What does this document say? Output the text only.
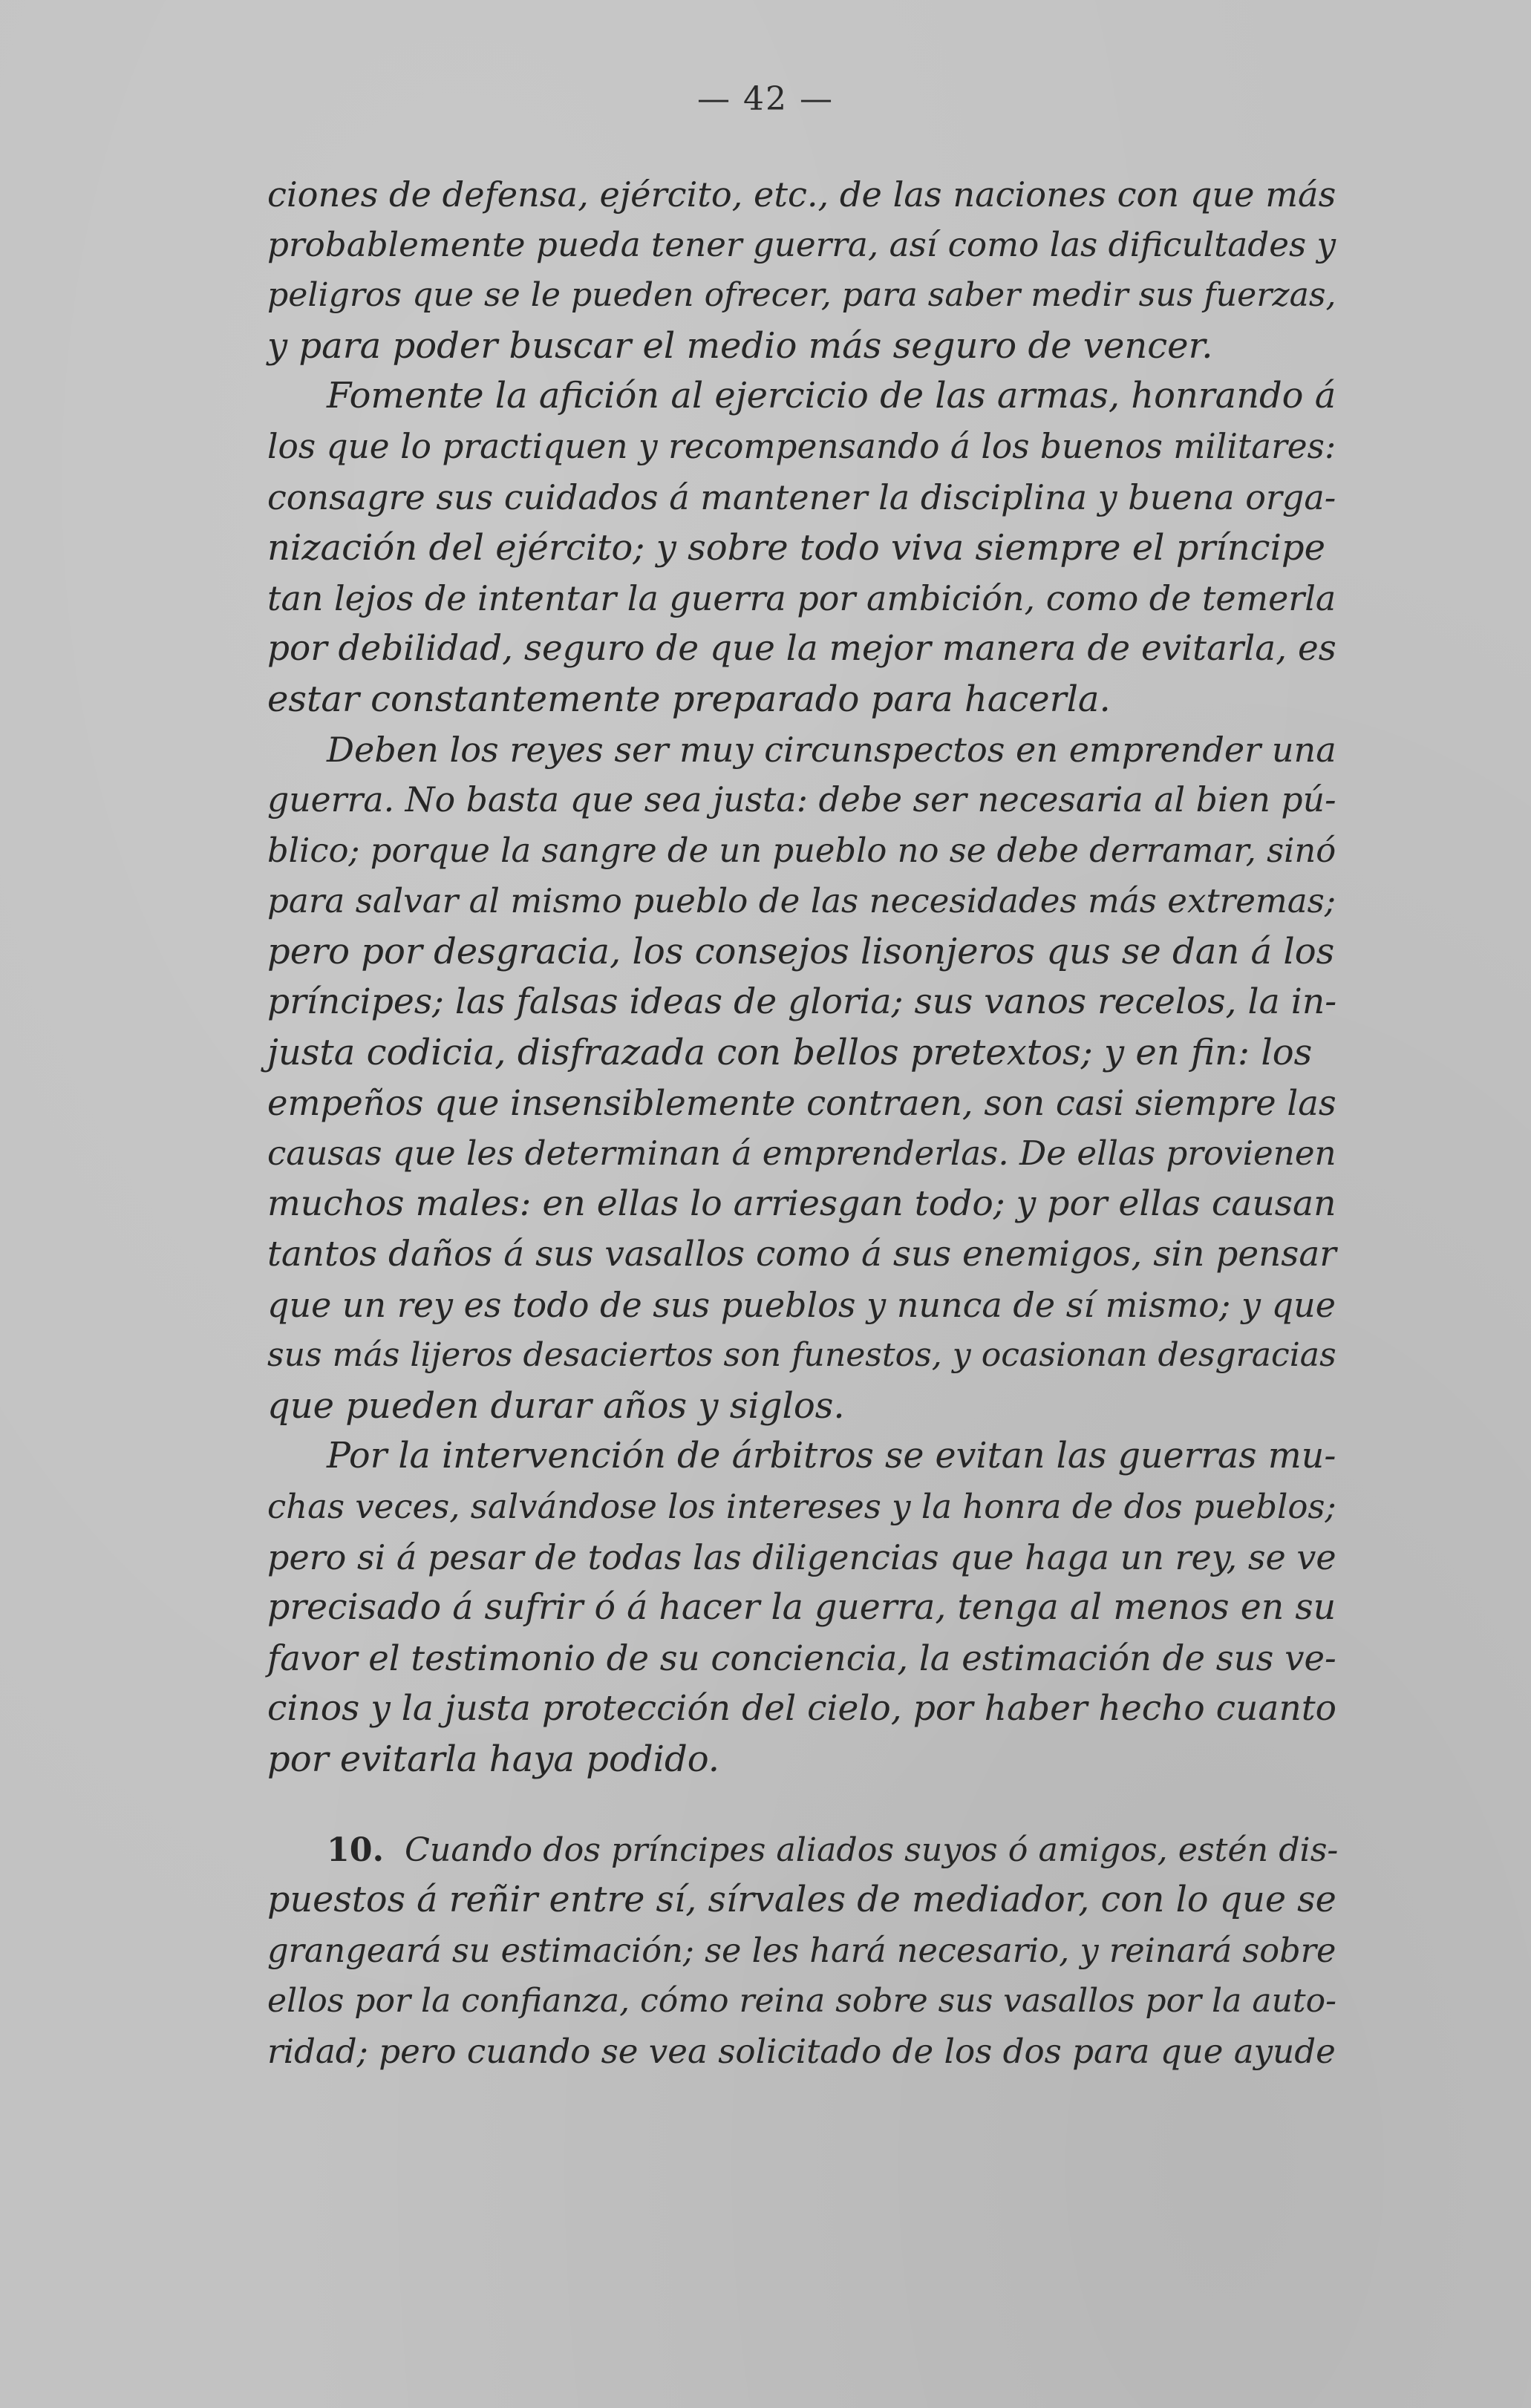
— 42 —
ciones de defensa, ejército, etc., de las naciones con que más
probablemente pueda tener guerra, así como las dificultades y
peligros que se le pueden ofrecer, para saber medir sus fuerzas,
y para poder buscar el medio más seguro de vencer.
Fomente la afición al ejercicio de las armas, honrando á
los que lo practiquen y recompensando á los buenos militares:
consagre sus cuidados á mantener la disciplina y buena orga-
nización del ejército; y sobre todo viva siempre el príncipe
tan lejos de intentar la guerra por ambición, como de temerla
por debilidad, seguro de que la mejor manera de evitarla, es
estar constantemente preparado para hacerla.
Deben los reyes ser muy circunspectos en emprender una
guerra. No basta que sea justa: debe ser necesaria al bien pú-
blico; porque la sangre de un pueblo no se debe derramar, sinó
para salvar al mismo pueblo de las necesidades más extremas;
pero por desgracia, los consejos lisonjeros qus se dan á los
príncipes; las falsas ideas de gloria; sus vanos recelos, la in-
justa codicia, disfrazada con bellos pretextos; y en fin: los
empeños que insensiblemente contraen, son casi siempre las
causas que les determinan á emprenderlas. De ellas provienen
muchos males: en ellas lo arriesgan todo; y por ellas causan
tantos daños á sus vasallos como á sus enemigos, sin pensar
que un rey es todo de sus pueblos y nunca de sí mismo; y que
sus más lijeros desaciertos son funestos, y ocasionan desgracias
que pueden durar años y siglos.
Por la intervención de árbitros se evitan las guerras mu-
chas veces, salvándose los intereses y la honra de dos pueblos;
pero si á pesar de todas las diligencias que haga un rey, se ve
precisado á sufrir ó á hacer la guerra, tenga al menos en su
favor el testimonio de su conciencia, la estimación de sus ve-
cinos y la justa protección del cielo, por haber hecho cuanto
por evitarla haya podido.
10. Cuando dos príncipes aliados suyos ó amigos, estén dis-
puestos á reñir entre sí, sírvales de mediador, con lo que se
grangeará su estimación; se les hará necesario, y reinará sobre
ellos por la confianza, cómo reina sobre sus vasallos por la auto-
ridad; pero cuando se vea solicitado de los dos para que ayude
